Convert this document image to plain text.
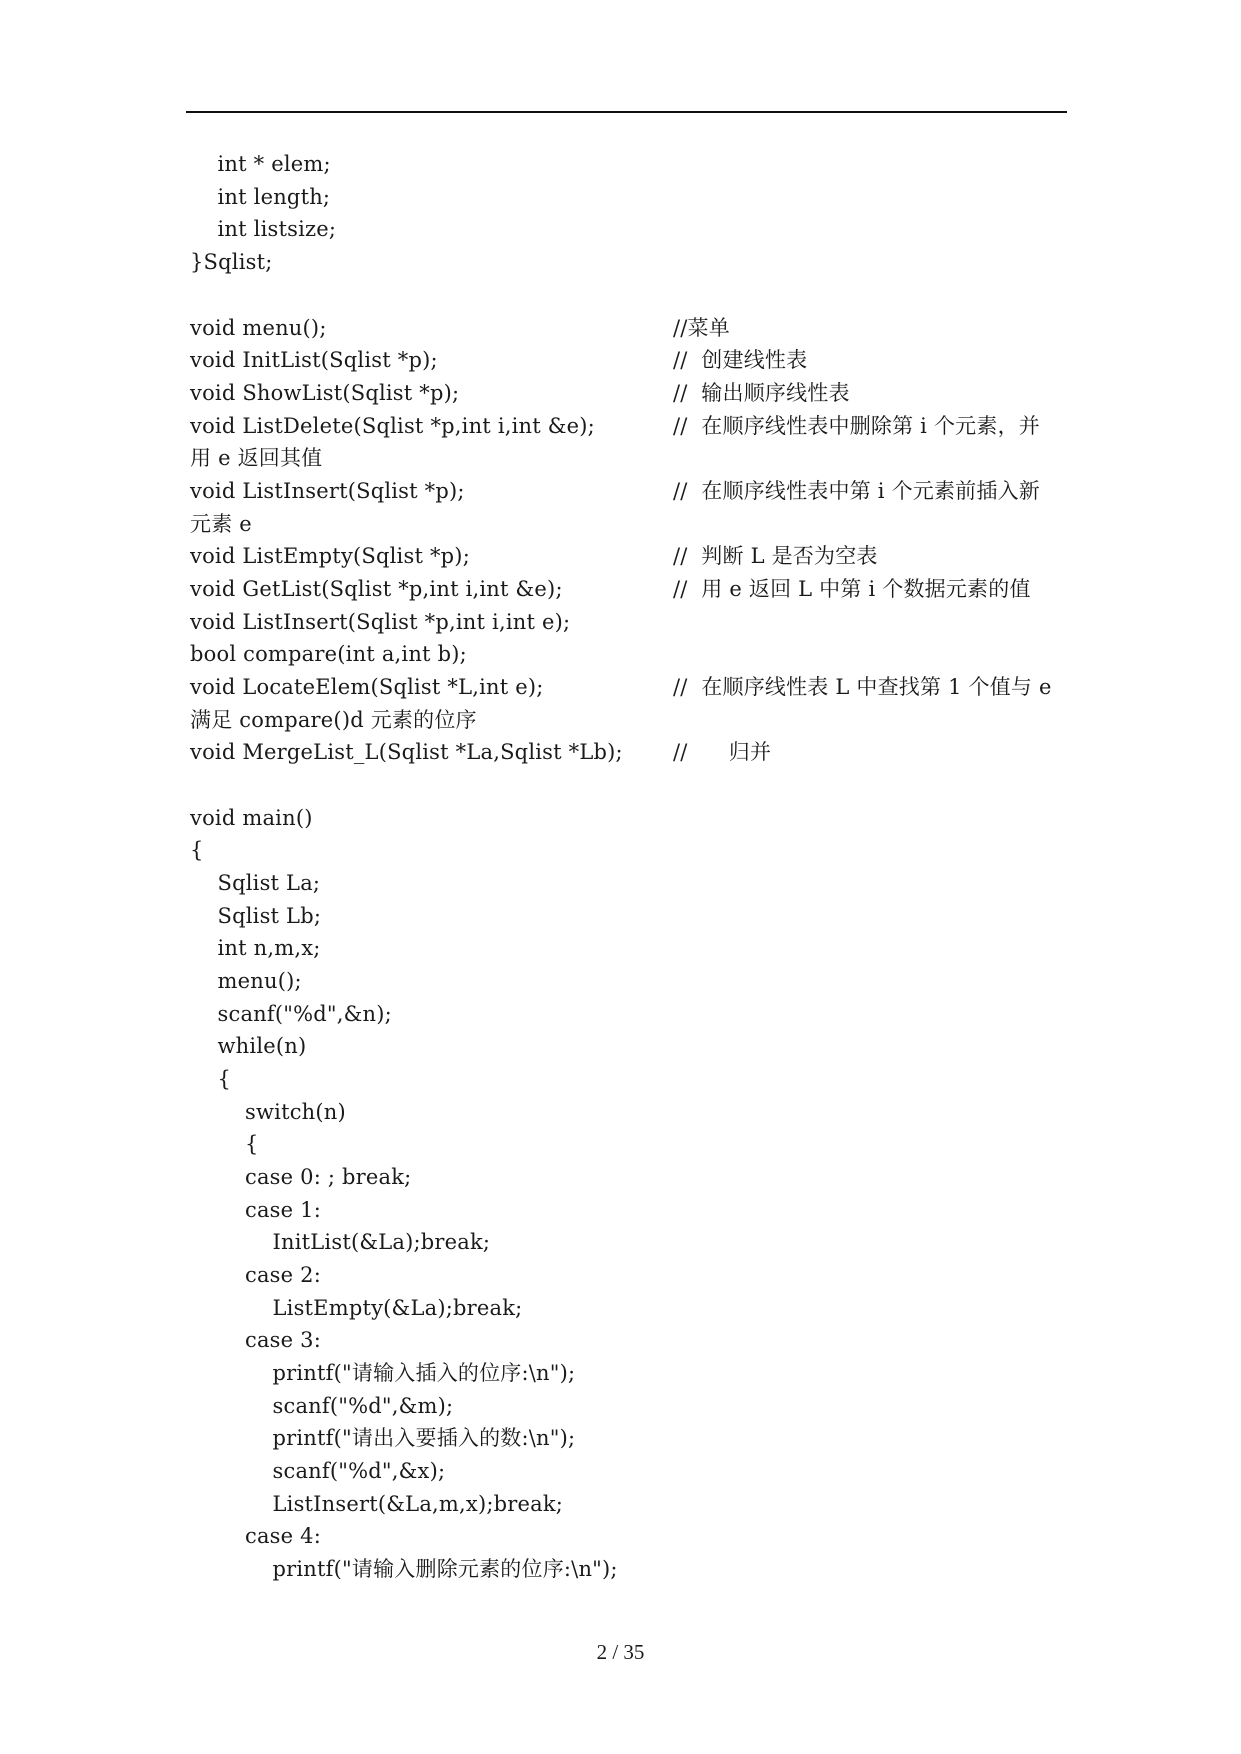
int * elem;
int length;
int listsize;
}Sqlist;
void menu();
void InitList(Sqlist *p);
void ShowList(Sqlist *p);
void ListDelete(Sqlist *p,int i,int &e);
用 e 返回其值
void ListInsert(Sqlist *p);
元素 e
void ListEmpty(Sqlist *p);
void GetList(Sqlist *p,int i,int &e);
void ListInsert(Sqlist *p,int i,int e);
bool compare(int a,int b);
void LocateElem(Sqlist *L,int e);
满足 compare()d 元素的位序
void MergeList_L(Sqlist *La,Sqlist *Lb);
void main()
{
Sqlist La;
Sqlist Lb;
int n,m,x;
menu();
scanf("%d",&n);
while(n)
{
switch(n)
{
case 0: ; break;
case 1:
InitList(&La);break;
case 2:
ListEmpty(&La);break;
case 3:
printf("请输入插入的位序:\n");
scanf("%d",&m);
printf("请出入要插入的数:\n");
scanf("%d",&x);
ListInsert(&La,m,x);break;
case 4:
printf("请输入删除元素的位序:\n");
//菜单
//  创建线性表
//  输出顺序线性表
//  在顺序线性表中删除第 i 个元素，并
//  在顺序线性表中第 i 个元素前插入新
//  判断 L 是否为空表
//  用 e 返回 L 中第 i 个数据元素的值
//  在顺序线性表 L 中查找第 1 个值与 e
//      归并
2 / 35
